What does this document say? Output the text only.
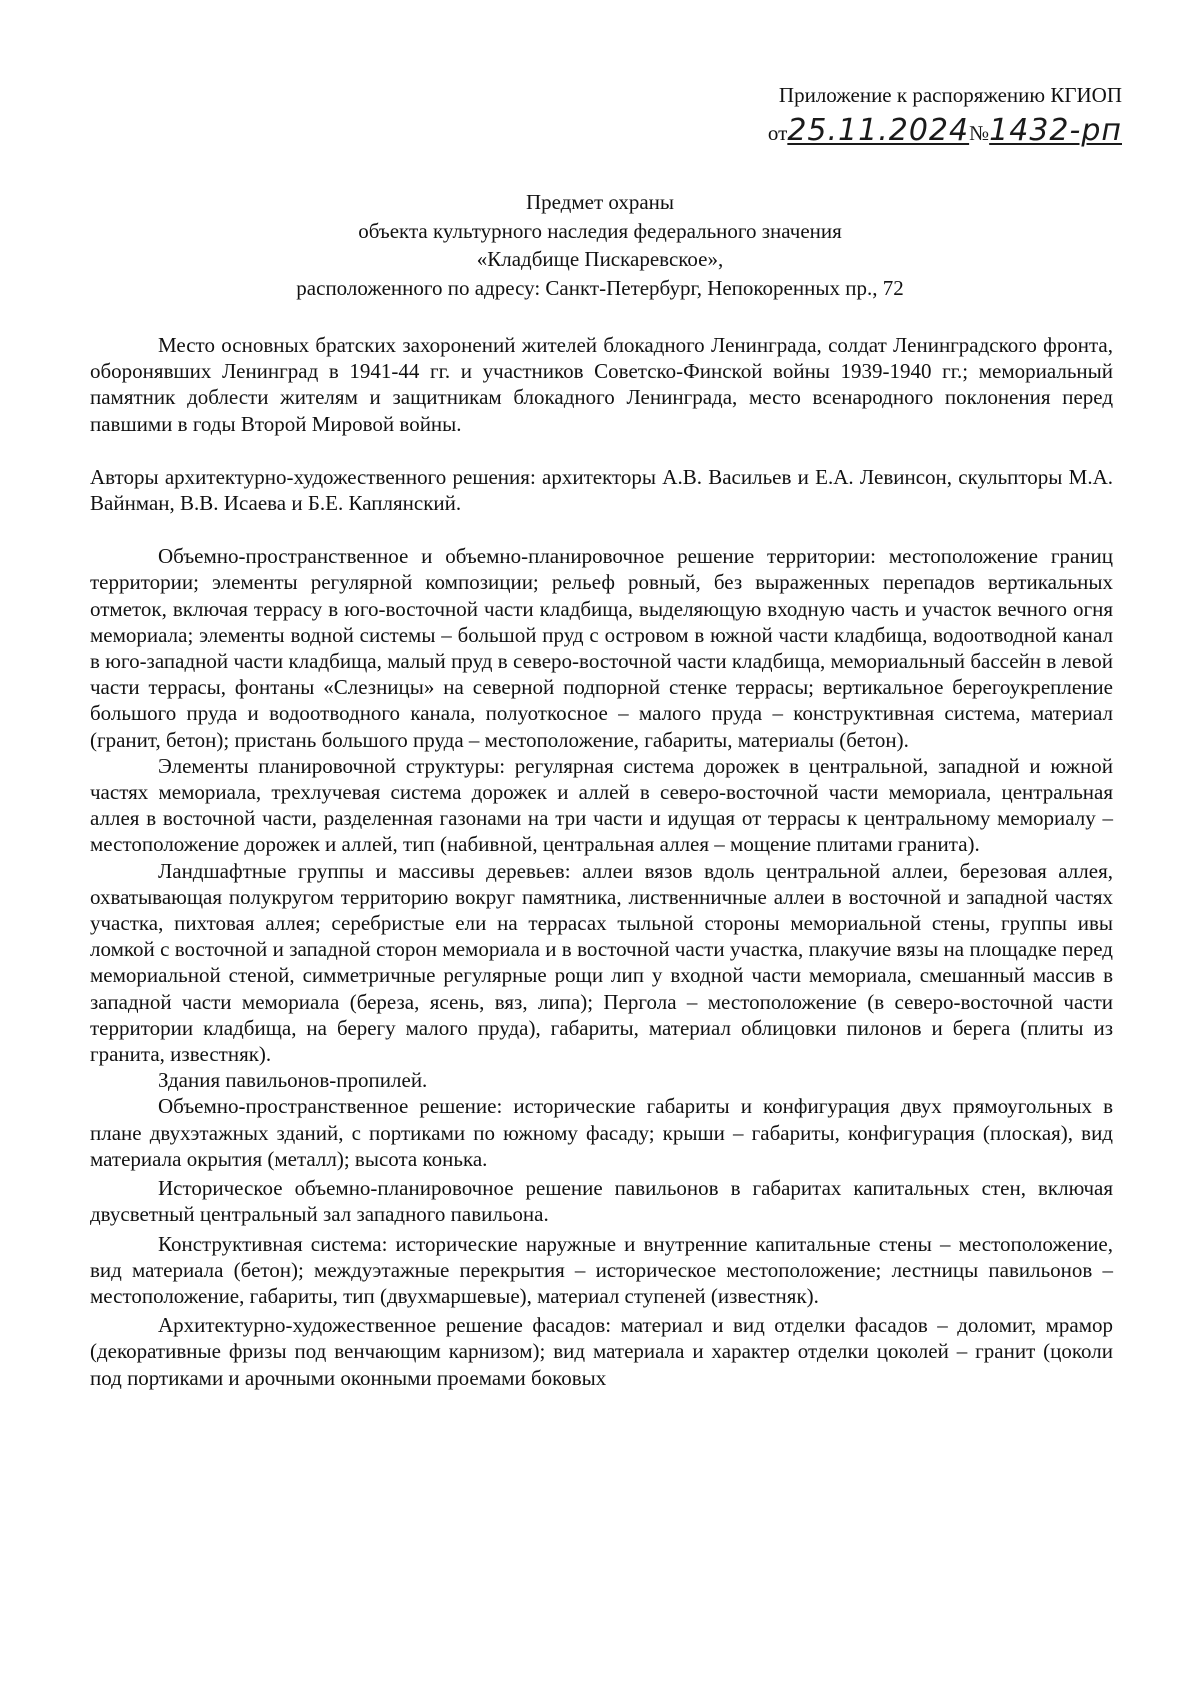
Приложение к распоряжению КГИОП
от25.11.2024№1432-рп
Предмет охраны
объекта культурного наследия федерального значения
«Кладбище Пискаревское»,
расположенного по адресу: Санкт-Петербург, Непокоренных пр., 72

Место основных братских захоронений жителей блокадного Ленинграда, солдат Ленинградского фронта, оборонявших Ленинград в 1941-44 гг. и участников Советско-Финской войны 1939-1940 гг.; мемориальный памятник доблести жителям и защитникам блокадного Ленинграда, место всенародного поклонения перед павшими в годы Второй Мировой войны.

Авторы архитектурно-художественного решения: архитекторы А.В. Васильев и Е.А. Левинсон, скульпторы М.А. Вайнман, В.В. Исаева и Б.Е. Каплянский.

Объемно-пространственное и объемно-планировочное решение территории: местоположение границ территории; элементы регулярной композиции; рельеф ровный, без выраженных перепадов вертикальных отметок, включая террасу в юго-восточной части кладбища, выделяющую входную часть и участок вечного огня мемориала; элементы водной системы – большой пруд с островом в южной части кладбища, водоотводной канал в юго-западной части кладбища, малый пруд в северо-восточной части кладбища, мемориальный бассейн в левой части террасы, фонтаны «Слезницы» на северной подпорной стенке террасы; вертикальное берегоукрепление большого пруда и водоотводного канала, полуоткосное – малого пруда – конструктивная система, материал (гранит, бетон); пристань большого пруда – местоположение, габариты, материалы (бетон).

Элементы планировочной структуры: регулярная система дорожек в центральной, западной и южной частях мемориала, трехлучевая система дорожек и аллей в северо-восточной части мемориала, центральная аллея в восточной части, разделенная газонами на три части и идущая от террасы к центральному мемориалу – местоположение дорожек и аллей, тип (набивной, центральная аллея – мощение плитами гранита).

Ландшафтные группы и массивы деревьев: аллеи вязов вдоль центральной аллеи, березовая аллея, охватывающая полукругом территорию вокруг памятника, лиственничные аллеи в восточной и западной частях участка, пихтовая аллея; серебристые ели на террасах тыльной стороны мемориальной стены, группы ивы ломкой с восточной и западной сторон мемориала и в восточной части участка, плакучие вязы на площадке перед мемориальной стеной, симметричные регулярные рощи лип у входной части мемориала, смешанный массив в западной части мемориала (береза, ясень, вяз, липа); Пергола – местоположение (в северо-восточной части территории кладбища, на берегу малого пруда), габариты, материал облицовки пилонов и берега (плиты из гранита, известняк).

Здания павильонов-пропилей.

Объемно-пространственное решение: исторические габариты и конфигурация двух прямоугольных в плане двухэтажных зданий, с портиками по южному фасаду; крыши – габариты, конфигурация (плоская), вид материала окрытия (металл); высота конька.

Историческое объемно-планировочное решение павильонов в габаритах капитальных стен, включая двусветный центральный зал западного павильона.

Конструктивная система: исторические наружные и внутренние капитальные стены – местоположение, вид материала (бетон); междуэтажные перекрытия – историческое местоположение; лестницы павильонов – местоположение, габариты, тип (двухмаршевые), материал ступеней (известняк).

Архитектурно-художественное решение фасадов: материал и вид отделки фасадов – доломит, мрамор (декоративные фризы под венчающим карнизом); вид материала и характер отделки цоколей – гранит (цоколи под портиками и арочными оконными проемами боковых
